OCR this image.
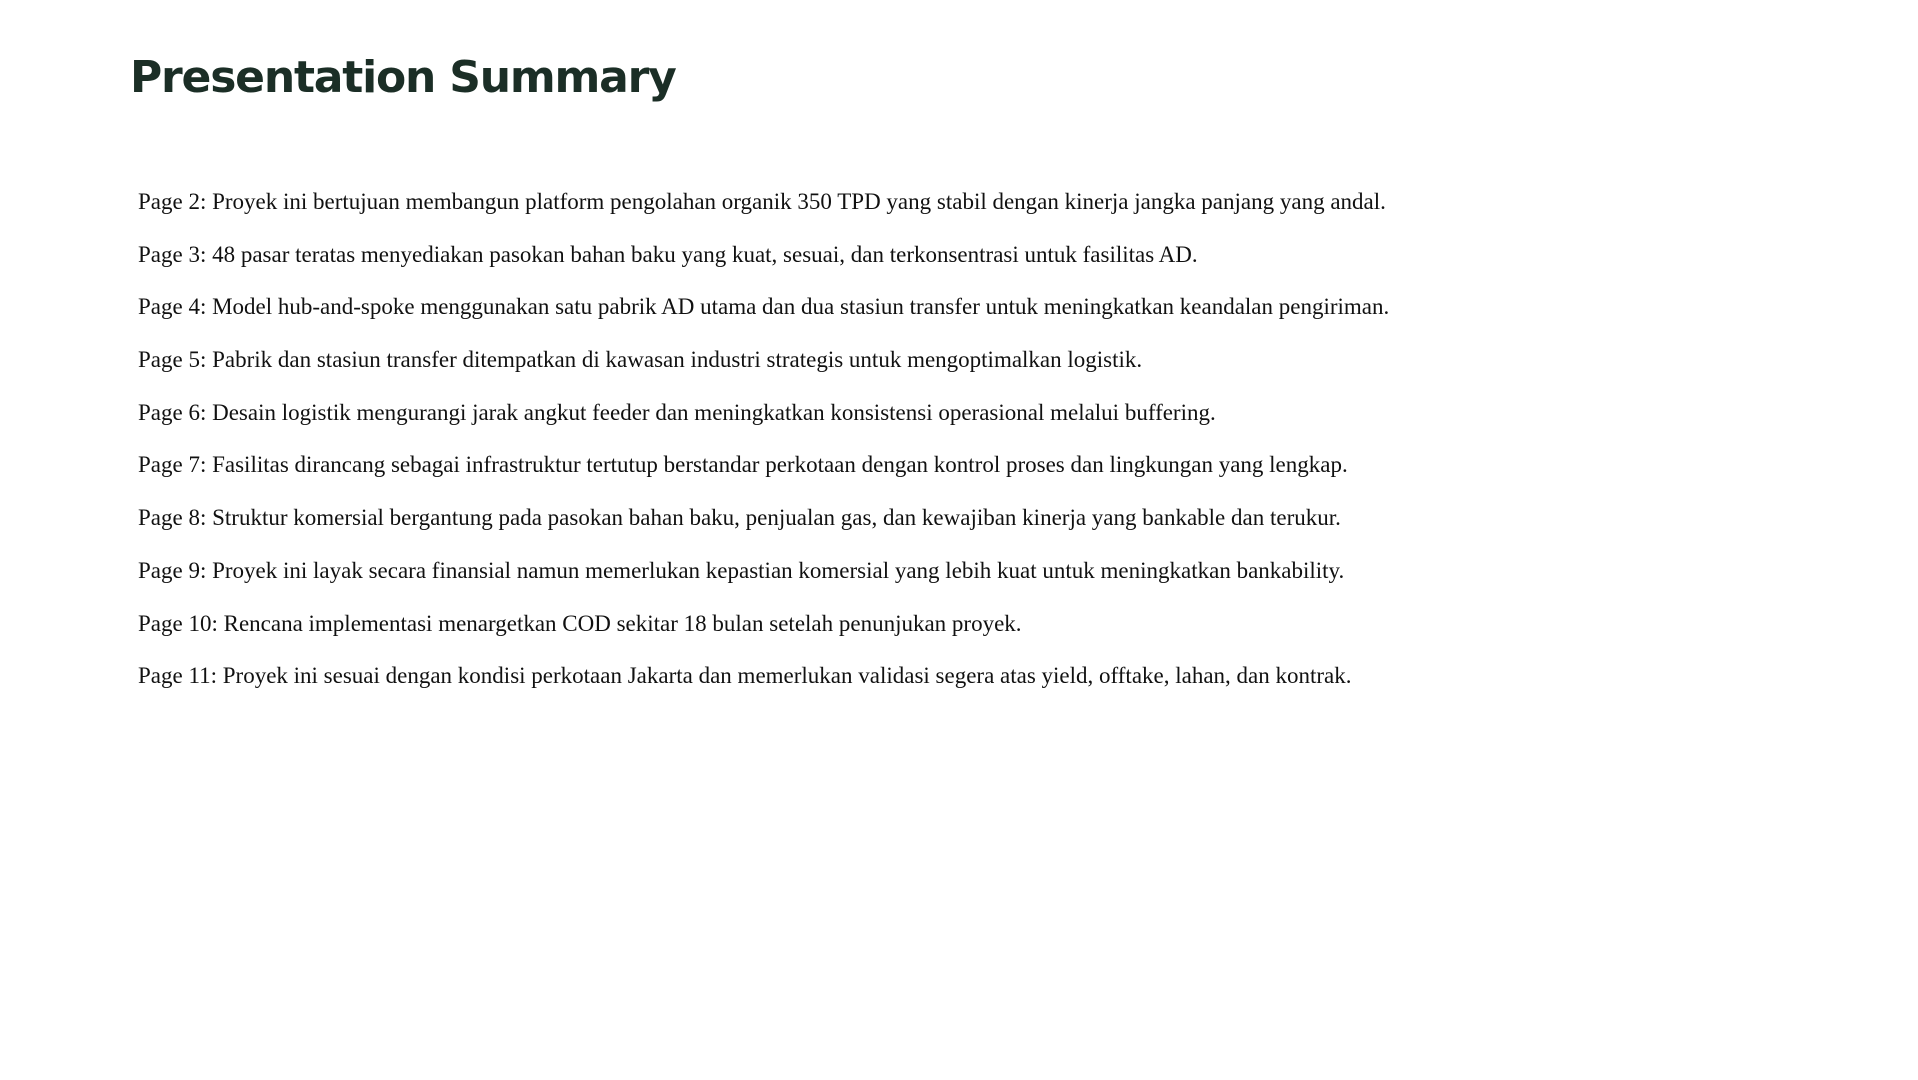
Presentation Summary
Page 2: Proyek ini bertujuan membangun platform pengolahan organik 350 TPD yang stabil dengan kinerja jangka panjang yang andal.
Page 3: 48 pasar teratas menyediakan pasokan bahan baku yang kuat, sesuai, dan terkonsentrasi untuk fasilitas AD.
Page 4: Model hub-and-spoke menggunakan satu pabrik AD utama dan dua stasiun transfer untuk meningkatkan keandalan pengiriman.
Page 5: Pabrik dan stasiun transfer ditempatkan di kawasan industri strategis untuk mengoptimalkan logistik.
Page 6: Desain logistik mengurangi jarak angkut feeder dan meningkatkan konsistensi operasional melalui buffering.
Page 7: Fasilitas dirancang sebagai infrastruktur tertutup berstandar perkotaan dengan kontrol proses dan lingkungan yang lengkap.
Page 8: Struktur komersial bergantung pada pasokan bahan baku, penjualan gas, dan kewajiban kinerja yang bankable dan terukur.
Page 9: Proyek ini layak secara finansial namun memerlukan kepastian komersial yang lebih kuat untuk meningkatkan bankability.
Page 10: Rencana implementasi menargetkan COD sekitar 18 bulan setelah penunjukan proyek.
Page 11: Proyek ini sesuai dengan kondisi perkotaan Jakarta dan memerlukan validasi segera atas yield, offtake, lahan, dan kontrak.
